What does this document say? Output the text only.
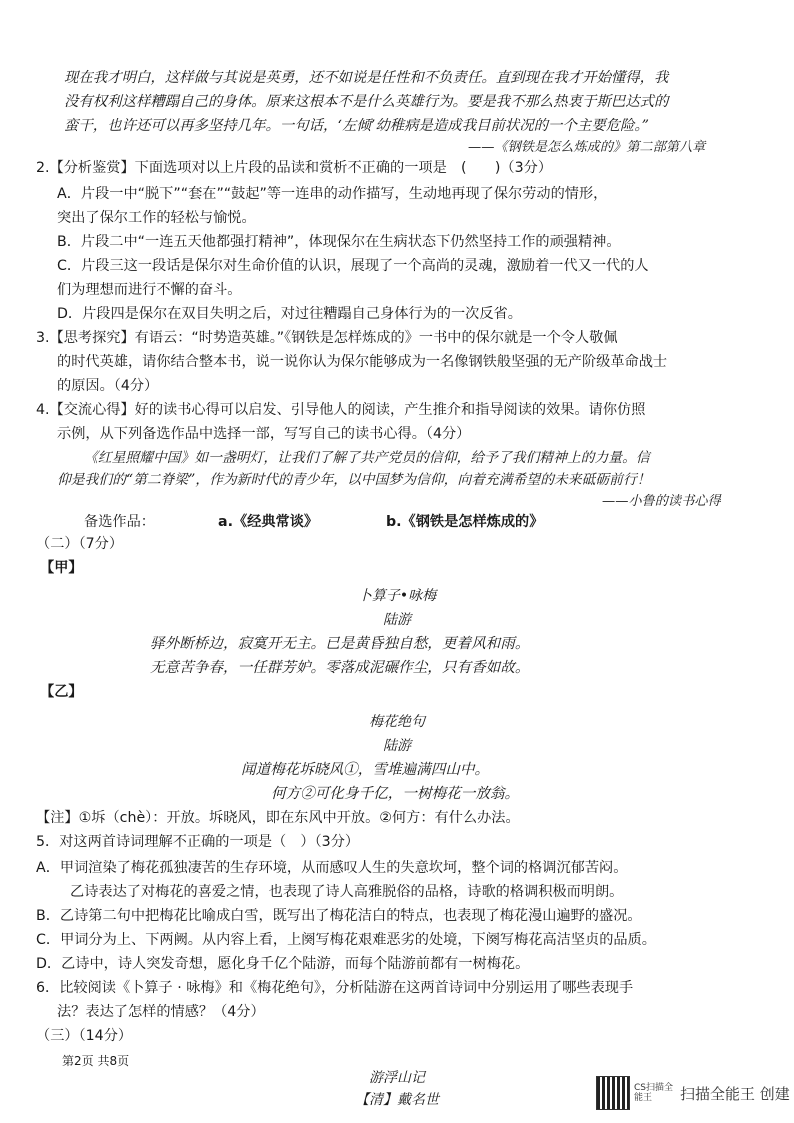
现在我才明白，这样做与其说是英勇，还不如说是任性和不负责任。直到现在我才开始懂得，我
没有权利这样糟蹋自己的身体。原来这根本不是什么英雄行为。要是我不那么热衷于斯巴达式的
蛮干，也许还可以再多坚持几年。一句话，‘左倾’幼稚病是造成我目前状况的一个主要危险。”
——《钢铁是怎么炼成的》第二部第八章
2.【分析鉴赏】下面选项对以上片段的品读和赏析不正确的一项是　(　　)（3分）
A．片段一中“脱下”“套在”“鼓起”等一连串的动作描写，生动地再现了保尔劳动的情形，
突出了保尔工作的轻松与愉悦。
B．片段二中“一连五天他都强打精神”，体现保尔在生病状态下仍然坚持工作的顽强精神。
C．片段三这一段话是保尔对生命价值的认识，展现了一个高尚的灵魂，激励着一代又一代的人
们为理想而进行不懈的奋斗。
D．片段四是保尔在双目失明之后，对过往糟蹋自己身体行为的一次反省。
3.【思考探究】有语云：“时势造英雄。”《钢铁是怎样炼成的》一书中的保尔就是一个令人敬佩
的时代英雄，请你结合整本书，说一说你认为保尔能够成为一名像钢铁般坚强的无产阶级革命战士
的原因。（4分）
4.【交流心得】好的读书心得可以启发、引导他人的阅读，产生推介和指导阅读的效果。请你仿照
示例，从下列备选作品中选择一部，写写自己的读书心得。（4分）
《红星照耀中国》如一盏明灯，让我们了解了共产党员的信仰，给予了我们精神上的力量。信
仰是我们的“第二脊梁”，作为新时代的青少年，以中国梦为信仰，向着充满希望的未来砥砺前行！
——小鲁的读书心得
备选作品：	a.《经典常谈》	b.《钢铁是怎样炼成的》
（二）（7分）
【甲】
卜算子•咏梅
陆游
驿外断桥边，寂寞开无主。已是黄昏独自愁，更着风和雨。
无意苦争春，一任群芳妒。零落成泥碾作尘，只有香如故。
【乙】
梅花绝句
陆游
闻道梅花坼晓风①，雪堆遍满四山中。
何方②可化身千亿，一树梅花一放翁。
【注】①坼（chè）：开放。坼晓风，即在东风中开放。②何方：有什么办法。
5．对这两首诗词理解不正确的一项是（　）（3分）
A．甲词渲染了梅花孤独凄苦的生存环境，从而感叹人生的失意坎坷，整个词的格调沉郁苦闷。
乙诗表达了对梅花的喜爱之情，也表现了诗人高雅脱俗的品格，诗歌的格调积极而明朗。
B．乙诗第二句中把梅花比喻成白雪，既写出了梅花洁白的特点，也表现了梅花漫山遍野的盛况。
C．甲词分为上、下两阙。从内容上看，上阕写梅花艰难恶劣的处境，下阕写梅花高洁坚贞的品质。
D．乙诗中，诗人突发奇想，愿化身千亿个陆游，而每个陆游前都有一树梅花。
6．比较阅读《卜算子 · 咏梅》和《梅花绝句》，分析陆游在这两首诗词中分别运用了哪些表现手
法？表达了怎样的情感？（4分）
（三）（14分）
游浮山记
【清】戴名世
第2页 共8页
CS扫描全能王	扫描全能王 创建
